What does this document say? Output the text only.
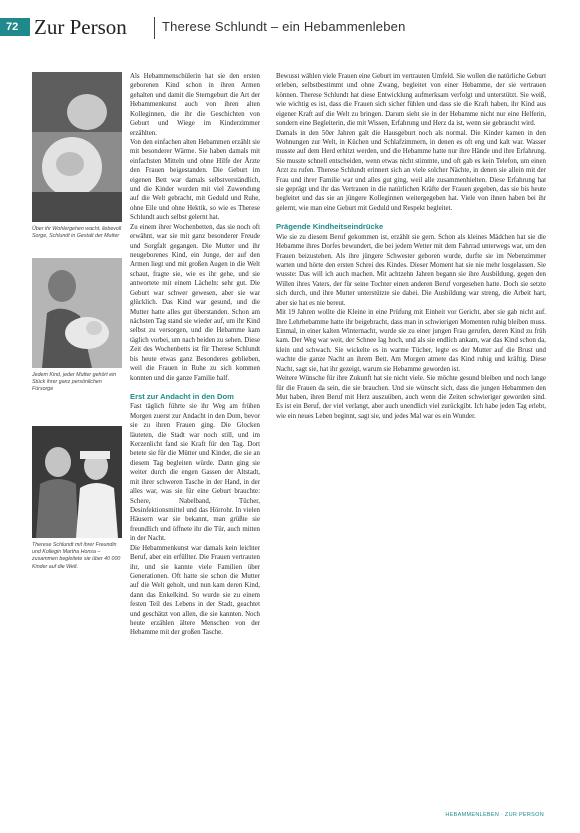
72 Zur Person	Therese Schlundt – ein Hebammenleben
Über ihr Wohlergehen wacht, liebevoll Sorge, Schlundt in Gestalt der Mutter
Jedem Kind, jeder Mutter gehört ein Stück ihrer ganz persönlichen Fürsorge
Therese Schlundt mit ihrer Freundin und Kollegin Martha Honsa – zusammen begleitete sie über 40 000 Kinder auf die Welt.

Als Hebammenschülerin hat sie den ersten geborenen Kind schon in ihren Armen gehalten und damit die Sterngeburt die Art der Hebammenkunst auch von ihren alten Kolleginnen, die ihr die Geschichten von Geburt und Wiege im Kinderzimmer erzählten.

Von den einfachen alten Hebammen erzählt sie mit besonderer Wärme. Sie haben damals mit einfachsten Mitteln und ohne Hilfe der Ärzte den Frauen beigestanden. Die Geburt im eigenen Bett war damals selbstverständlich, und die Kinder wurden mit viel Zuwendung auf die Welt gebracht, mit Geduld und Ruhe, ohne Eile und ohne Hektik, so wie es Therese Schlundt auch selbst gelernt hat.

Zu einem ihrer Wochenbetten, das sie noch oft erwähnt, war sie mit ganz besonderer Freude und Sorgfalt gegangen. Die Mutter und ihr neugeborenes Kind, ein Junge, der auf den Armen liegt und mit großen Augen in die Welt schaut, fragte sie, wie es ihr gehe, und sie antwortete mit einem Lächeln: sehr gut. Die Geburt war schwer gewesen, aber sie war glücklich. Das Kind war gesund, und die Mutter hatte alles gut überstanden. Schon am nächsten Tag stand sie wieder auf, um ihr Kind selbst zu versorgen, und die Hebamme kam täglich vorbei, um nach beiden zu sehen. Diese Zeit des Wochenbetts ist für Therese Schlundt bis heute etwas ganz Besonderes geblieben, weil die Frauen in Ruhe zu sich kommen konnten und die ganze Familie half.

Erst zur Andacht in den Dom

Fast täglich führte sie ihr Weg am frühen Morgen zuerst zur Andacht in den Dom, bevor sie zu ihren Frauen ging. Die Glocken läuteten, die Stadt war noch still, und im Kerzenlicht fand sie Kraft für den Tag. Dort betete sie für die Mütter und Kinder, die sie an diesem Tag begleiten würde. Dann ging sie weiter durch die engen Gassen der Altstadt, mit ihrer schweren Tasche in der Hand, in der alles war, was sie für eine Geburt brauchte: Schere, Nabelband, Tücher, Desinfektionsmittel und das Hörrohr. In vielen Häusern war sie bekannt, man grüßte sie freundlich und öffnete ihr die Tür, auch mitten in der Nacht.

Die Hebammenkunst war damals kein leichter Beruf, aber ein erfüllter. Die Frauen vertrauten ihr, und sie kannte viele Familien über Generationen. Oft hatte sie schon die Mutter auf die Welt geholt, und nun kam deren Kind, dann das Enkelkind. So wurde sie zu einem festen Teil des Lebens in der Stadt, geachtet und geschätzt von allen, die sie kannten. Noch heute erzählen ältere Menschen von der Hebamme mit der großen Tasche.

Bewusst wählen viele Frauen eine Geburt im vertrauten Umfeld. Sie wollen die natürliche Geburt erleben, selbstbestimmt und ohne Zwang, begleitet von einer Hebamme, der sie vertrauen können. Therese Schlundt hat diese Entwicklung aufmerksam verfolgt und unterstützt. Sie weiß, wie wichtig es ist, dass die Frauen sich sicher fühlen und dass sie die Kraft haben, ihr Kind aus eigener Kraft auf die Welt zu bringen. Darum sieht sie in der Hebamme nicht nur eine Helferin, sondern eine Begleiterin, die mit Wissen, Erfahrung und Herz da ist, wenn sie gebraucht wird.

Damals in den 50er Jahren galt die Hausgeburt noch als normal. Die Kinder kamen in den Wohnungen zur Welt, in Küchen und Schlafzimmern, in denen es oft eng und kalt war. Wasser musste auf dem Herd erhitzt werden, und die Hebamme hatte nur ihre Hände und ihre Erfahrung. Sie musste schnell entscheiden, wenn etwas nicht stimmte, und oft gab es kein Telefon, um einen Arzt zu rufen. Therese Schlundt erinnert sich an viele solcher Nächte, in denen sie allein mit der Frau und ihrer Familie war und alles gut ging, weil alle zusammenhielten. Diese Erfahrung hat sie geprägt und ihr das Vertrauen in die natürlichen Kräfte der Frauen gegeben, das sie bis heute begleitet und das sie an jüngere Kolleginnen weitergegeben hat. Viele von ihnen haben bei ihr gelernt, wie man eine Geburt mit Geduld und Respekt begleitet.

Prägende Kindheitseindrücke

Wie sie zu diesem Beruf gekommen ist, erzählt sie gern. Schon als kleines Mädchen hat sie die Hebamme ihres Dorfes bewundert, die bei jedem Wetter mit dem Fahrrad unterwegs war, um den Frauen beizustehen. Als ihre jüngere Schwester geboren wurde, durfte sie im Nebenzimmer warten und hörte den ersten Schrei des Kindes. Dieser Moment hat sie nie mehr losgelassen. Sie wusste: Das will ich auch machen. Mit achtzehn Jahren begann sie ihre Ausbildung, gegen den Willen ihres Vaters, der für seine Tochter einen anderen Beruf vorgesehen hatte. Doch sie setzte sich durch, und ihre Mutter unterstützte sie dabei. Die Ausbildung war streng, die Arbeit hart, aber sie hat es nie bereut.

Mit 19 Jahren wollte die Kleine in eine Prüfung mit Einheit vor Gericht, aber sie gab nicht auf. Ihre Lehrhebamme hatte ihr beigebracht, dass man in schwierigen Momenten ruhig bleiben muss. Einmal, in einer kalten Winternacht, wurde sie zu einer jungen Frau gerufen, deren Kind zu früh kam. Der Weg war weit, der Schnee lag hoch, und als sie endlich ankam, war das Kind schon da, klein und schwach. Sie wickelte es in warme Tücher, legte es der Mutter auf die Brust und wachte die ganze Nacht an ihrem Bett. Am Morgen atmete das Kind ruhig und kräftig. Diese Nacht, sagt sie, hat ihr gezeigt, warum sie Hebamme geworden ist.

Weitere Wünsche für ihre Zukunft hat sie nicht viele. Sie möchte gesund bleiben und noch lange für die Frauen da sein, die sie brauchen. Und sie wünscht sich, dass die jungen Hebammen den Mut haben, ihren Beruf mit Herz auszuüben, auch wenn die Zeiten schwieriger geworden sind. Es ist ein Beruf, der viel verlangt, aber auch unendlich viel zurückgibt. Ich habe jeden Tag erlebt, wie ein neues Leben beginnt, sagt sie, und jedes Mal war es ein Wunder.

HEBAMMENLEBEN · ZUR PERSON
